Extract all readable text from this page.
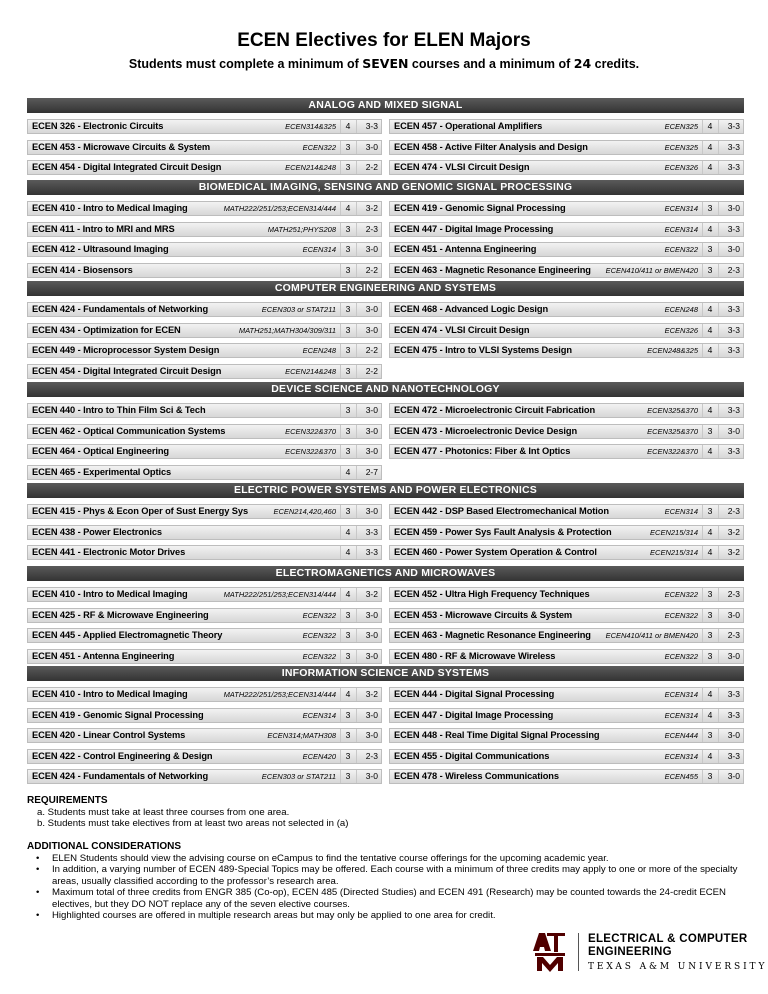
ECEN Electives for ELEN Majors
Students must complete a minimum of SEVEN courses and a minimum of 24 credits.
ANALOG AND MIXED SIGNAL
ECEN 326 - Electronic Circuits	ECEN314&325	4	3-3
ECEN 453 - Microwave Circuits & System	ECEN322	3	3-0
ECEN 454 - Digital Integrated Circuit Design	ECEN214&248	3	2-2
ECEN 457 - Operational Amplifiers	ECEN325	4	3-3
ECEN 458 - Active Filter Analysis and Design	ECEN325	4	3-3
ECEN 474 - VLSI Circuit Design	ECEN326	4	3-3
BIOMEDICAL IMAGING, SENSING AND GENOMIC SIGNAL PROCESSING
ECEN 410 - Intro to Medical Imaging	MATH222/251/253;ECEN314/444	4	3-2
ECEN 411 - Intro to MRI and MRS	MATH251;PHYS208	3	2-3
ECEN 412 - Ultrasound Imaging	ECEN314	3	3-0
ECEN 414 - Biosensors	3	2-2
ECEN 419 - Genomic Signal Processing	ECEN314	3	3-0
ECEN 447 - Digital Image Processing	ECEN314	4	3-3
ECEN 451 - Antenna Engineering	ECEN322	3	3-0
ECEN 463 - Magnetic Resonance Engineering ECEN410/411 or BMEN420	3	2-3
COMPUTER ENGINEERING AND SYSTEMS
ECEN 424 - Fundamentals of Networking	ECEN303 or STAT211	3	3-0
ECEN 434 - Optimization for ECEN	MATH251;MATH304/309/311	3	3-0
ECEN 449 - Microprocessor System Design	ECEN248	3	2-2
ECEN 454 - Digital Integrated Circuit Design	ECEN214&248	3	2-2
ECEN 468 - Advanced Logic Design	ECEN248	4	3-3
ECEN 474 - VLSI Circuit Design	ECEN326	4	3-3
ECEN 475 - Intro to VLSI Systems Design	ECEN248&325	4	3-3
DEVICE SCIENCE AND NANOTECHNOLOGY
ECEN 440 - Intro to Thin Film Sci & Tech	3	3-0
ECEN 462 - Optical Communication Systems	ECEN322&370	3	3-0
ECEN 464 - Optical Engineering	ECEN322&370	3	3-0
ECEN 465 - Experimental Optics	4	2-7
ECEN 472 - Microelectronic Circuit Fabrication	ECEN325&370	4	3-3
ECEN 473 - Microelectronic Device Design	ECEN325&370	3	3-0
ECEN 477 - Photonics: Fiber & Int Optics	ECEN322&370	4	3-3
ELECTRIC POWER SYSTEMS AND POWER ELECTRONICS
ECEN 415 - Phys & Econ Oper of Sust Energy Sys	ECEN214,420,460	3	3-0
ECEN 438 - Power Electronics	4	3-3
ECEN 441 - Electronic Motor Drives	4	3-3
ECEN 442 - DSP Based Electromechanical Motion	ECEN314	3	2-3
ECEN 459 - Power Sys Fault Analysis & Protection	ECEN215/314	4	3-2
ECEN 460 - Power System Operation & Control	ECEN215/314	4	3-2
ELECTROMAGNETICS AND MICROWAVES
ECEN 410 - Intro to Medical Imaging	MATH222/251/253;ECEN314/444	4	3-2
ECEN 425 - RF & Microwave Engineering	ECEN322	3	3-0
ECEN 445 - Applied Electromagnetic Theory	ECEN322	3	3-0
ECEN 451 - Antenna Engineering	ECEN322	3	3-0
ECEN 452 - Ultra High Frequency Techniques	ECEN322	3	2-3
ECEN 453 - Microwave Circuits & System	ECEN322	3	3-0
ECEN 463 - Magnetic Resonance Engineering ECEN410/411 or BMEN420	3	2-3
ECEN 480 - RF & Microwave Wireless	ECEN322	3	3-0
INFORMATION SCIENCE AND SYSTEMS
ECEN 410 - Intro to Medical Imaging	MATH222/251/253;ECEN314/444	4	3-2
ECEN 419 - Genomic Signal Processing	ECEN314	3	3-0
ECEN 420 - Linear Control Systems	ECEN314;MATH308	3	3-0
ECEN 422 - Control Engineering & Design	ECEN420	3	2-3
ECEN 424 - Fundamentals of Networking	ECEN303 or STAT211	3	3-0
ECEN 444 - Digital Signal Processing	ECEN314	4	3-3
ECEN 447 - Digital Image Processing	ECEN314	4	3-3
ECEN 448 - Real Time Digital Signal Processing	ECEN444	3	3-0
ECEN 455 - Digital Communications	ECEN314	4	3-3
ECEN 478 - Wireless Communications	ECEN455	3	3-0
REQUIREMENTS
a. Students must take at least three courses from one area.
b. Students must take electives from at least two areas not selected in (a)
ADDITIONAL CONSIDERATIONS
• ELEN Students should view the advising course on eCampus to find the tentative course offerings for the upcoming academic year.
• In addition, a varying number of ECEN 489-Special Topics may be offered. Each course with a minimum of three credits may apply to one or more of the specialty areas, usually classified according to the professor’s research area.
• Maximum total of three credits from ENGR 385 (Co-op), ECEN 485 (Directed Studies) and ECEN 491 (Research) may be counted towards the 24-credit ECEN electives, but they DO NOT replace any of the seven elective courses.
• Highlighted courses are offered in multiple research areas but may only be applied to one area for credit.
ELECTRICAL & COMPUTER
ENGINEERING
TEXAS A&M UNIVERSITY
